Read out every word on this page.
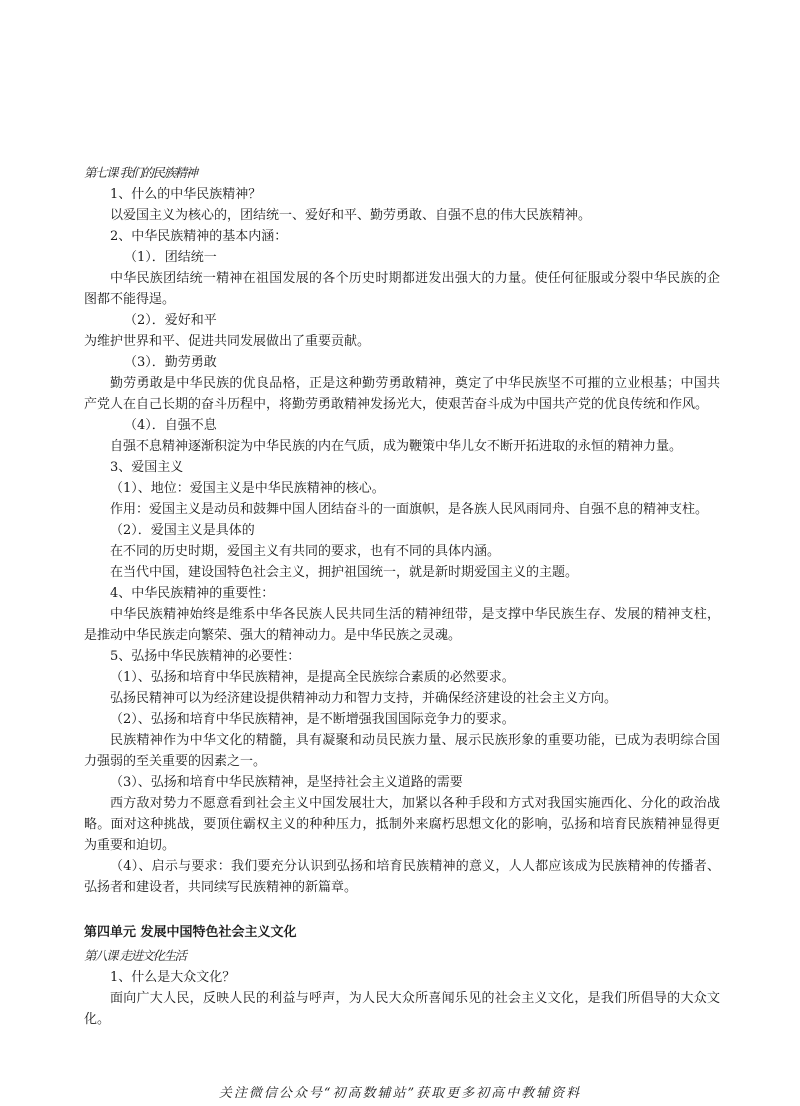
第七课 我们的民族精神
1、什么的中华民族精神？
以爱国主义为核心的，团结统一、爱好和平、勤劳勇敢、自强不息的伟大民族精神。
2、中华民族精神的基本内涵：
（1）．团结统一
中华民族团结统一精神在祖国发展的各个历史时期都迸发出强大的力量。使任何征服或分裂中华民族的企图都不能得逞。
（2）．爱好和平
为维护世界和平、促进共同发展做出了重要贡献。
（3）．勤劳勇敢
勤劳勇敢是中华民族的优良品格，正是这种勤劳勇敢精神，奠定了中华民族坚不可摧的立业根基；中国共产党人在自己长期的奋斗历程中，将勤劳勇敢精神发扬光大，使艰苦奋斗成为中国共产党的优良传统和作风。
（4）．自强不息
自强不息精神逐渐积淀为中华民族的内在气质，成为鞭策中华儿女不断开拓进取的永恒的精神力量。
3、爱国主义
（1）、地位：爱国主义是中华民族精神的核心。
作用：爱国主义是动员和鼓舞中国人团结奋斗的一面旗帜，是各族人民风雨同舟、自强不息的精神支柱。
（2）．爱国主义是具体的
在不同的历史时期，爱国主义有共同的要求，也有不同的具体内涵。
在当代中国，建设国特色社会主义，拥护祖国统一，就是新时期爱国主义的主题。
4、中华民族精神的重要性：
中华民族精神始终是维系中华各民族人民共同生活的精神纽带，是支撑中华民族生存、发展的精神支柱，是推动中华民族走向繁荣、强大的精神动力。是中华民族之灵魂。
5、弘扬中华民族精神的必要性：
（1）、弘扬和培育中华民族精神，是提高全民族综合素质的必然要求。
弘扬民精神可以为经济建设提供精神动力和智力支持，并确保经济建设的社会主义方向。
（2）、弘扬和培育中华民族精神，是不断增强我国国际竞争力的要求。
民族精神作为中华文化的精髓，具有凝聚和动员民族力量、展示民族形象的重要功能，已成为表明综合国力强弱的至关重要的因素之一。
（3）、弘扬和培育中华民族精神，是坚持社会主义道路的需要
西方敌对势力不愿意看到社会主义中国发展壮大，加紧以各种手段和方式对我国实施西化、分化的政治战略。面对这种挑战，要顶住霸权主义的种种压力，抵制外来腐朽思想文化的影响，弘扬和培育民族精神显得更为重要和迫切。
（4）、启示与要求：我们要充分认识到弘扬和培育民族精神的意义，人人都应该成为民族精神的传播者、弘扬者和建设者，共同续写民族精神的新篇章。
第四单元 发展中国特色社会主义文化
第八课 走进文化生活
1、什么是大众文化？
面向广大人民，反映人民的利益与呼声，为人民大众所喜闻乐见的社会主义文化，是我们所倡导的大众文化。
关注微信公众号“初高数辅站”获取更多初高中教辅资料
